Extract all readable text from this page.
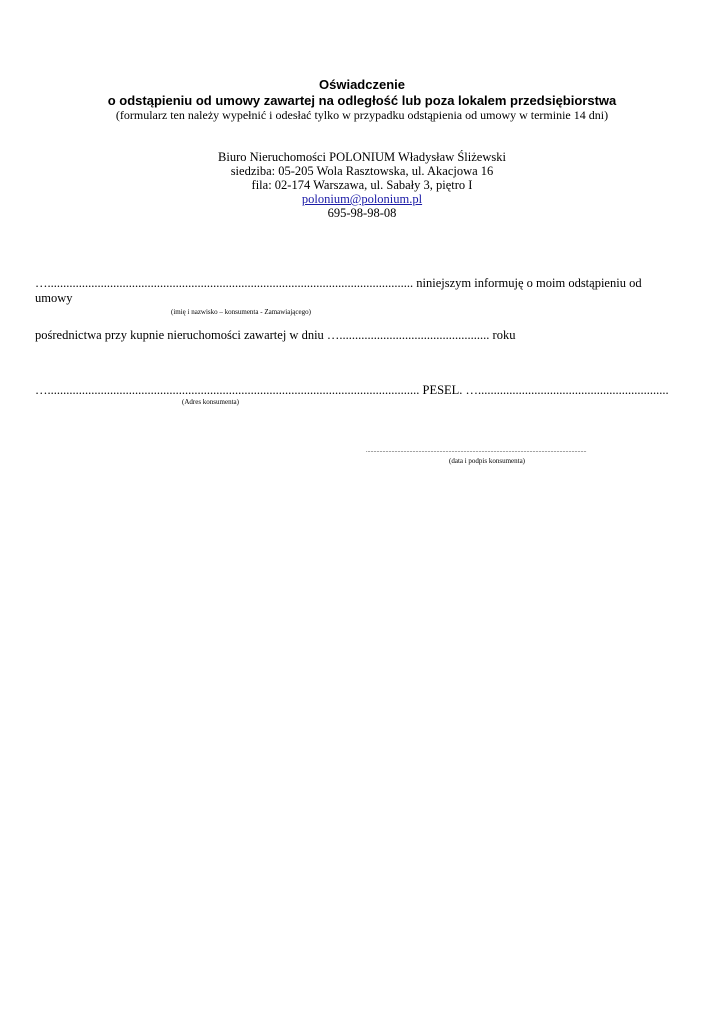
Oświadczenie
o odstąpieniu od umowy zawartej na odległość lub poza lokalem przedsiębiorstwa
(formularz ten należy wypełnić i odesłać tylko w przypadku odstąpienia od umowy w terminie 14 dni)
Biuro Nieruchomości POLONIUM Władysław Śliżewski
siedziba: 05-205 Wola Rasztowska, ul. Akacjowa 16
fila: 02-174 Warszawa, ul. Sabały 3, piętro I
polonium@polonium.pl
695-98-98-08
…..................................................................................................................... niniejszym informuję o moim odstąpieniu od
umowy
(imię i nazwisko – konsumenta - Zamawiającego)
pośrednictwa przy kupnie nieruchomości zawartej w dniu …................................................ roku
…....................................................................................................................... PESEL. ….............................................................
(Adres konsumenta)
...................................................................................................................................................
(data i podpis konsumenta)
